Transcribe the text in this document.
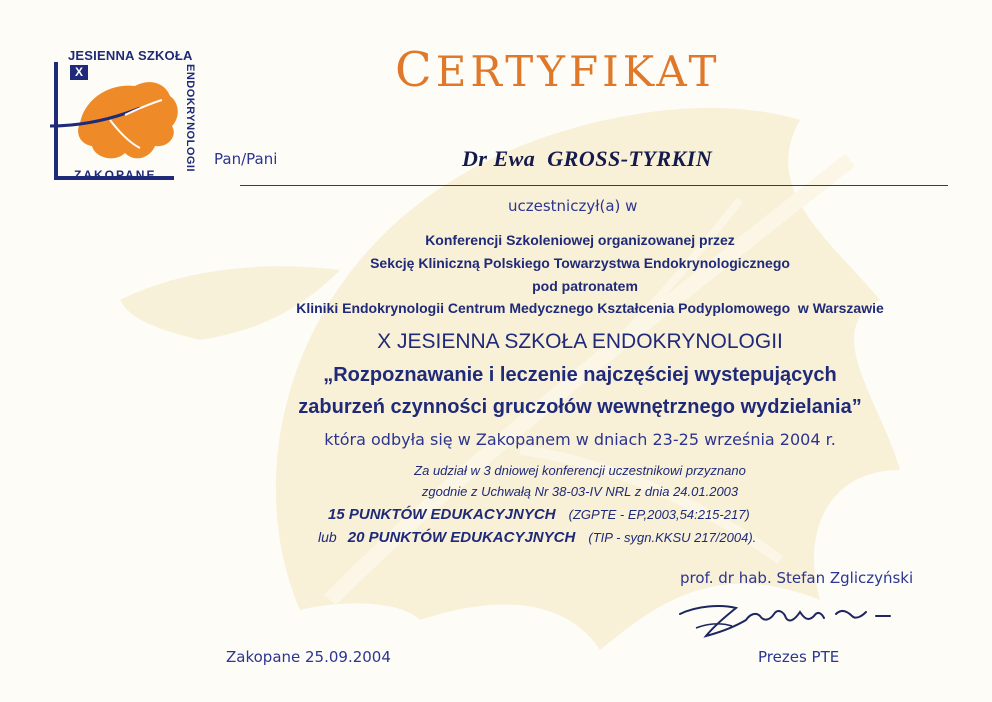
X
JESIENNA SZKOŁA
ENDOKRYNOLOGII
ZAKOPANE
CERTYFIKAT
Pan/Pani	Dr Ewa  GROSS-TYRKIN
uczestniczył(a) w
Konferencji Szkoleniowej organizowanej przez
Sekcję Kliniczną Polskiego Towarzystwa Endokrynologicznego
pod patronatem
Kliniki Endokrynologii Centrum Medycznego Kształcenia Podyplomowego  w Warszawie
X JESIENNA SZKOŁA ENDOKRYNOLOGII
„Rozpoznawanie i leczenie najczęściej wystepujących
zaburzeń czynności gruczołów wewnętrznego wydzielania”
która odbyła się w Zakopanem w dniach 23-25 września 2004 r.
Za udział w 3 dniowej konferencji uczestnikowi przyznano
zgodnie z Uchwałą Nr 38-03-IV NRL z dnia 24.01.2003
15 PUNKTÓW EDUKACYJNYCH (ZGPTE - EP,2003,54:215-217)
lub 20 PUNKTÓW EDUKACYJNYCH (TIP - sygn.KKSU 217/2004).
prof. dr hab. Stefan Zgliczyński
Zakopane 25.09.2004	Prezes PTE
